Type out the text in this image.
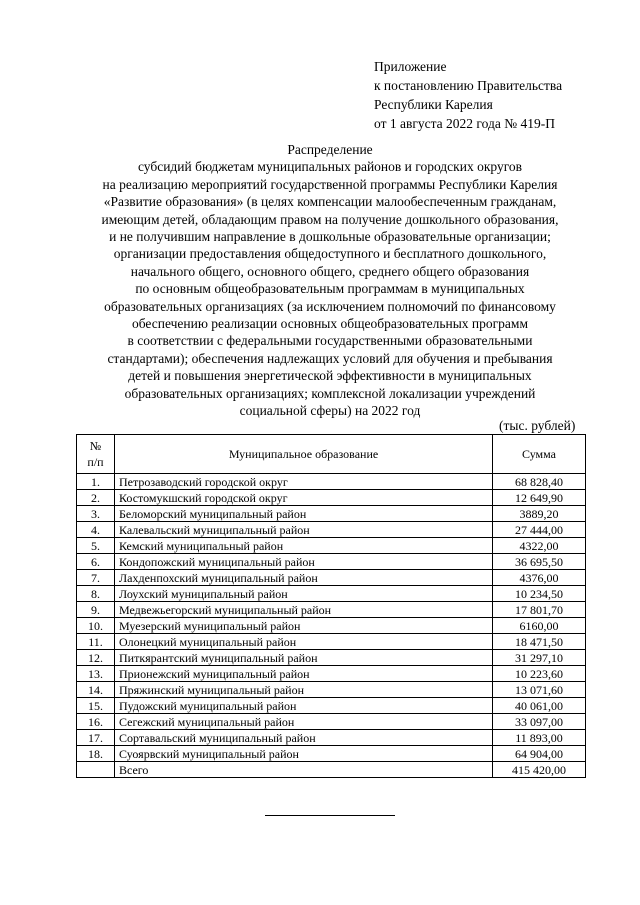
Приложение
к постановлению Правительства
Республики Карелия
от 1 августа 2022 года № 419-П
Распределение
субсидий бюджетам муниципальных районов и городских округов
на реализацию мероприятий государственной программы Республики Карелия
«Развитие образования» (в целях компенсации малообеспеченным гражданам,
имеющим детей, обладающим правом на получение дошкольного образования,
и не получившим направление в дошкольные образовательные организации;
организации предоставления общедоступного и бесплатного дошкольного,
начального общего, основного общего, среднего общего образования
по основным общеобразовательным программам в муниципальных
образовательных организациях (за исключением полномочий по финансовому
обеспечению реализации основных общеобразовательных программ
в соответствии с федеральными государственными образовательными
стандартами); обеспечения надлежащих условий для обучения и пребывания
детей и повышения энергетической эффективности в муниципальных
образовательных организациях; комплексной локализации учреждений
социальной сферы) на 2022 год
(тыс. рублей)
№
п/п	Муниципальное образование	Сумма
1.	Петрозаводский городской округ	68 828,40
2.	Костомукшский городской округ	12 649,90
3.	Беломорский муниципальный район	3889,20
4.	Калевальский муниципальный район	27 444,00
5.	Кемский муниципальный район	4322,00
6.	Кондопожский муниципальный район	36 695,50
7.	Лахденпохский муниципальный район	4376,00
8.	Лоухский муниципальный район	10 234,50
9.	Медвежьегорский муниципальный район	17 801,70
10.	Муезерский муниципальный район	6160,00
11.	Олонецкий муниципальный район	18 471,50
12.	Питкярантский муниципальный район	31 297,10
13.	Прионежский муниципальный район	10 223,60
14.	Пряжинский муниципальный район	13 071,60
15.	Пудожский муниципальный район	40 061,00
16.	Сегежский муниципальный район	33 097,00
17.	Сортавальский муниципальный район	11 893,00
18.	Суоярвский муниципальный район	64 904,00
	Всего	415 420,00
